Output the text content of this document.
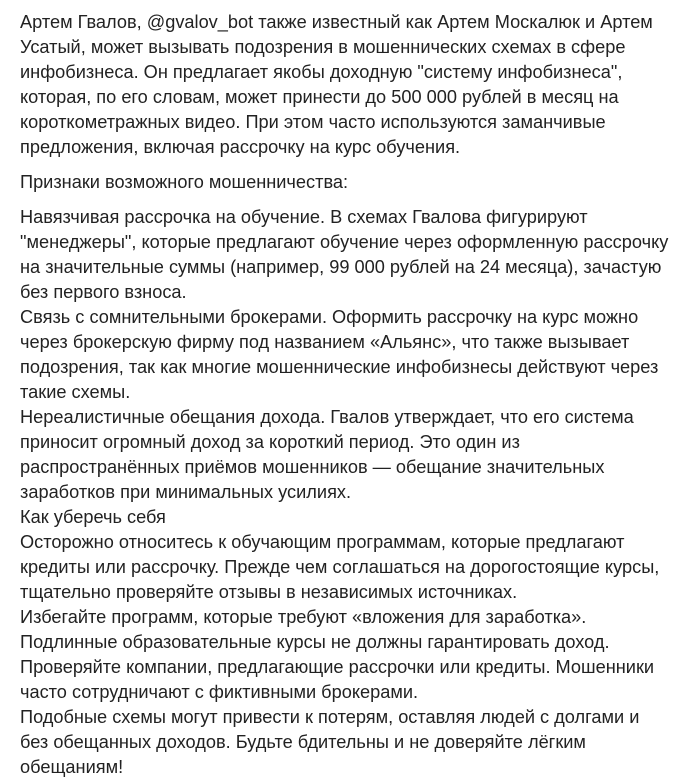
Артем Гвалов, @gvalov_bot также известный как Артем Москалюк и Артем
Усатый, может вызывать подозрения в мошеннических схемах в сфере
инфобизнеса. Он предлагает якобы доходную "систему инфобизнеса",
которая, по его словам, может принести до 500 000 рублей в месяц на
короткометражных видео. При этом часто используются заманчивые
предложения, включая рассрочку на курс обучения.
Признаки возможного мошенничества:
Навязчивая рассрочка на обучение. В схемах Гвалова фигурируют
"менеджеры", которые предлагают обучение через оформленную рассрочку
на значительные суммы (например, 99 000 рублей на 24 месяца), зачастую
без первого взноса.
Связь с сомнительными брокерами. Оформить рассрочку на курс можно
через брокерскую фирму под названием «Альянс», что также вызывает
подозрения, так как многие мошеннические инфобизнесы действуют через
такие схемы.
Нереалистичные обещания дохода. Гвалов утверждает, что его система
приносит огромный доход за короткий период. Это один из
распространённых приёмов мошенников — обещание значительных
заработков при минимальных усилиях.
Как уберечь себя
Осторожно относитесь к обучающим программам, которые предлагают
кредиты или рассрочку. Прежде чем соглашаться на дорогостоящие курсы,
тщательно проверяйте отзывы в независимых источниках.
Избегайте программ, которые требуют «вложения для заработка».
Подлинные образовательные курсы не должны гарантировать доход.
Проверяйте компании, предлагающие рассрочки или кредиты. Мошенники
часто сотрудничают с фиктивными брокерами.
Подобные схемы могут привести к потерям, оставляя людей с долгами и
без обещанных доходов. Будьте бдительны и не доверяйте лёгким
обещаниям!
